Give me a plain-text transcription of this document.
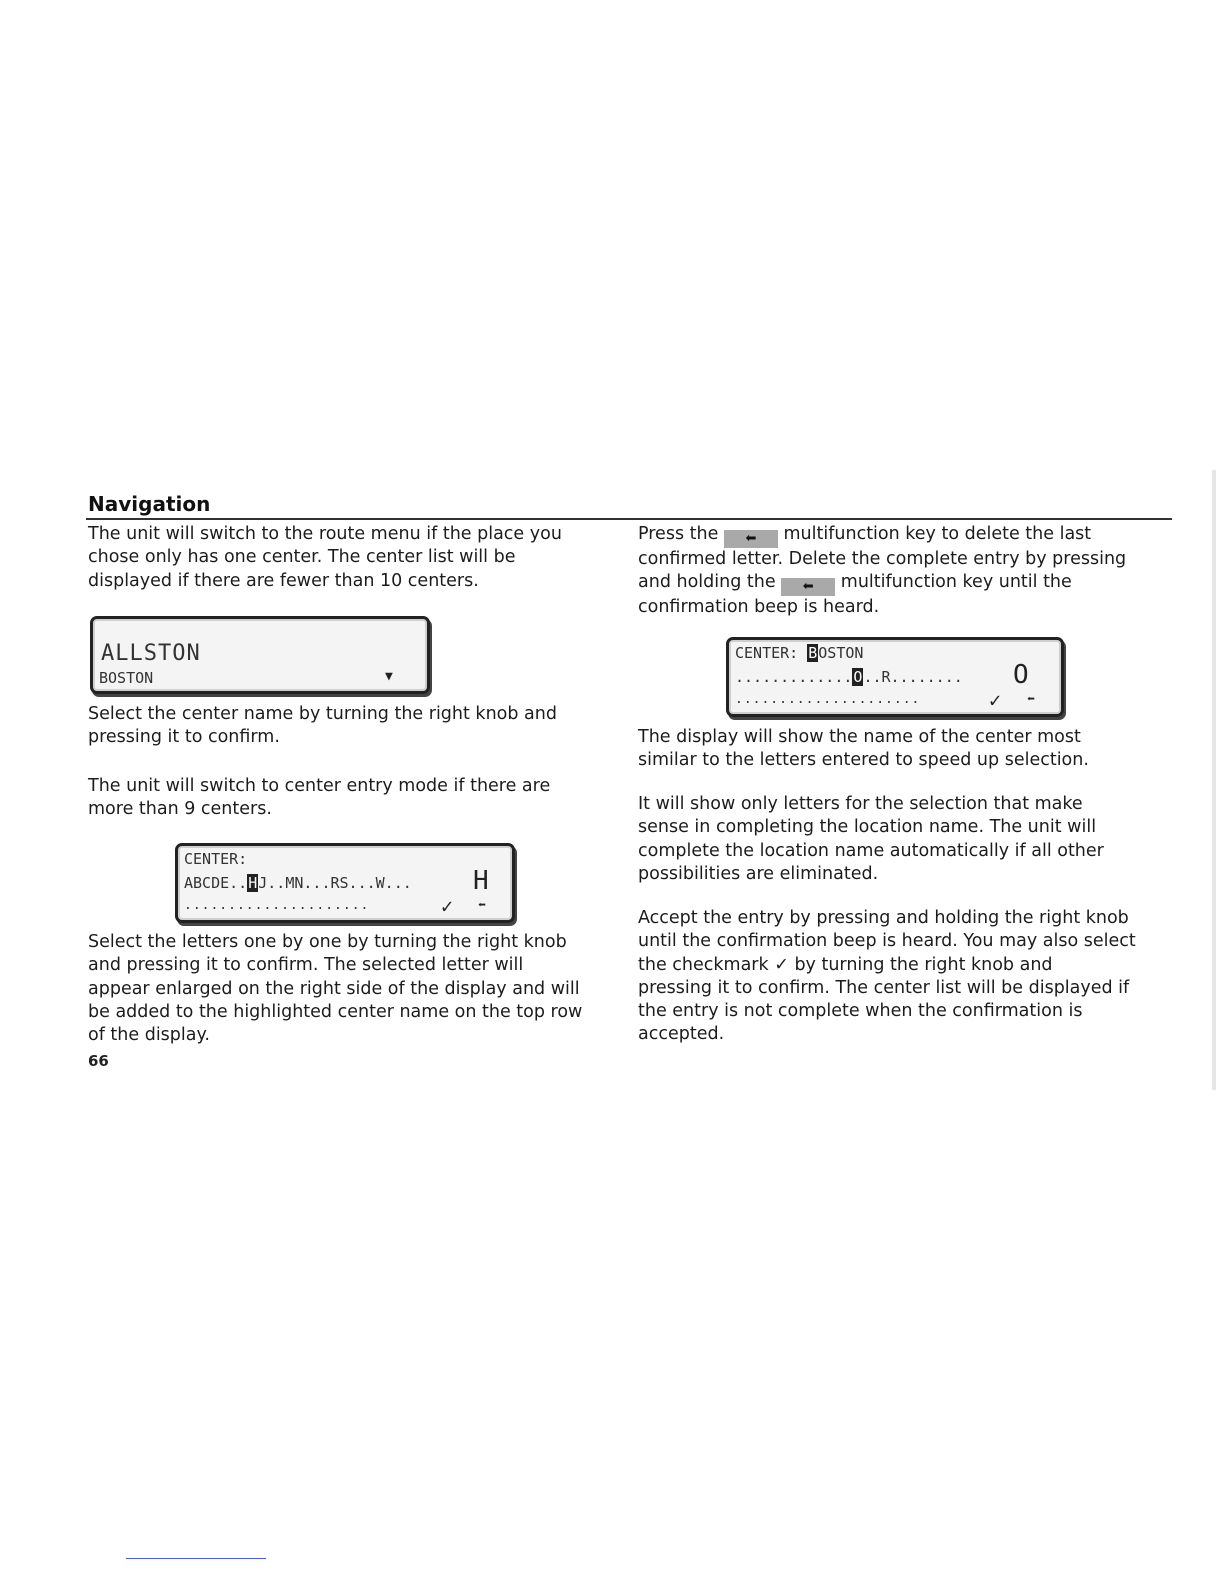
Navigation
The unit will switch to the route menu if the place you
chose only has one center. The center list will be
displayed if there are fewer than 10 centers.
ALLSTON
BOSTON	▼
Select the center name by turning the right knob and
pressing it to confirm.
The unit will switch to center entry mode if there are
more than 9 centers.
CENTER:
ABCDE..HJ..MN...RS...W... H
.....................	✓ ⬅
Select the letters one by one by turning the right knob
and pressing it to confirm. The selected letter will
appear enlarged on the right side of the display and will
be added to the highlighted center name on the top row
of the display.
66
Press the ⬅ multifunction key to delete the last
confirmed letter. Delete the complete entry by pressing
and holding the ⬅ multifunction key until the
confirmation beep is heard.
CENTER: BOSTON
.............O..R........ O
.....................	✓ ⬅
The display will show the name of the center most
similar to the letters entered to speed up selection.
It will show only letters for the selection that make
sense in completing the location name. The unit will
complete the location name automatically if all other
possibilities are eliminated.
Accept the entry by pressing and holding the right knob
until the confirmation beep is heard. You may also select
the checkmark ✓ by turning the right knob and
pressing it to confirm. The center list will be displayed if
the entry is not complete when the confirmation is
accepted.
